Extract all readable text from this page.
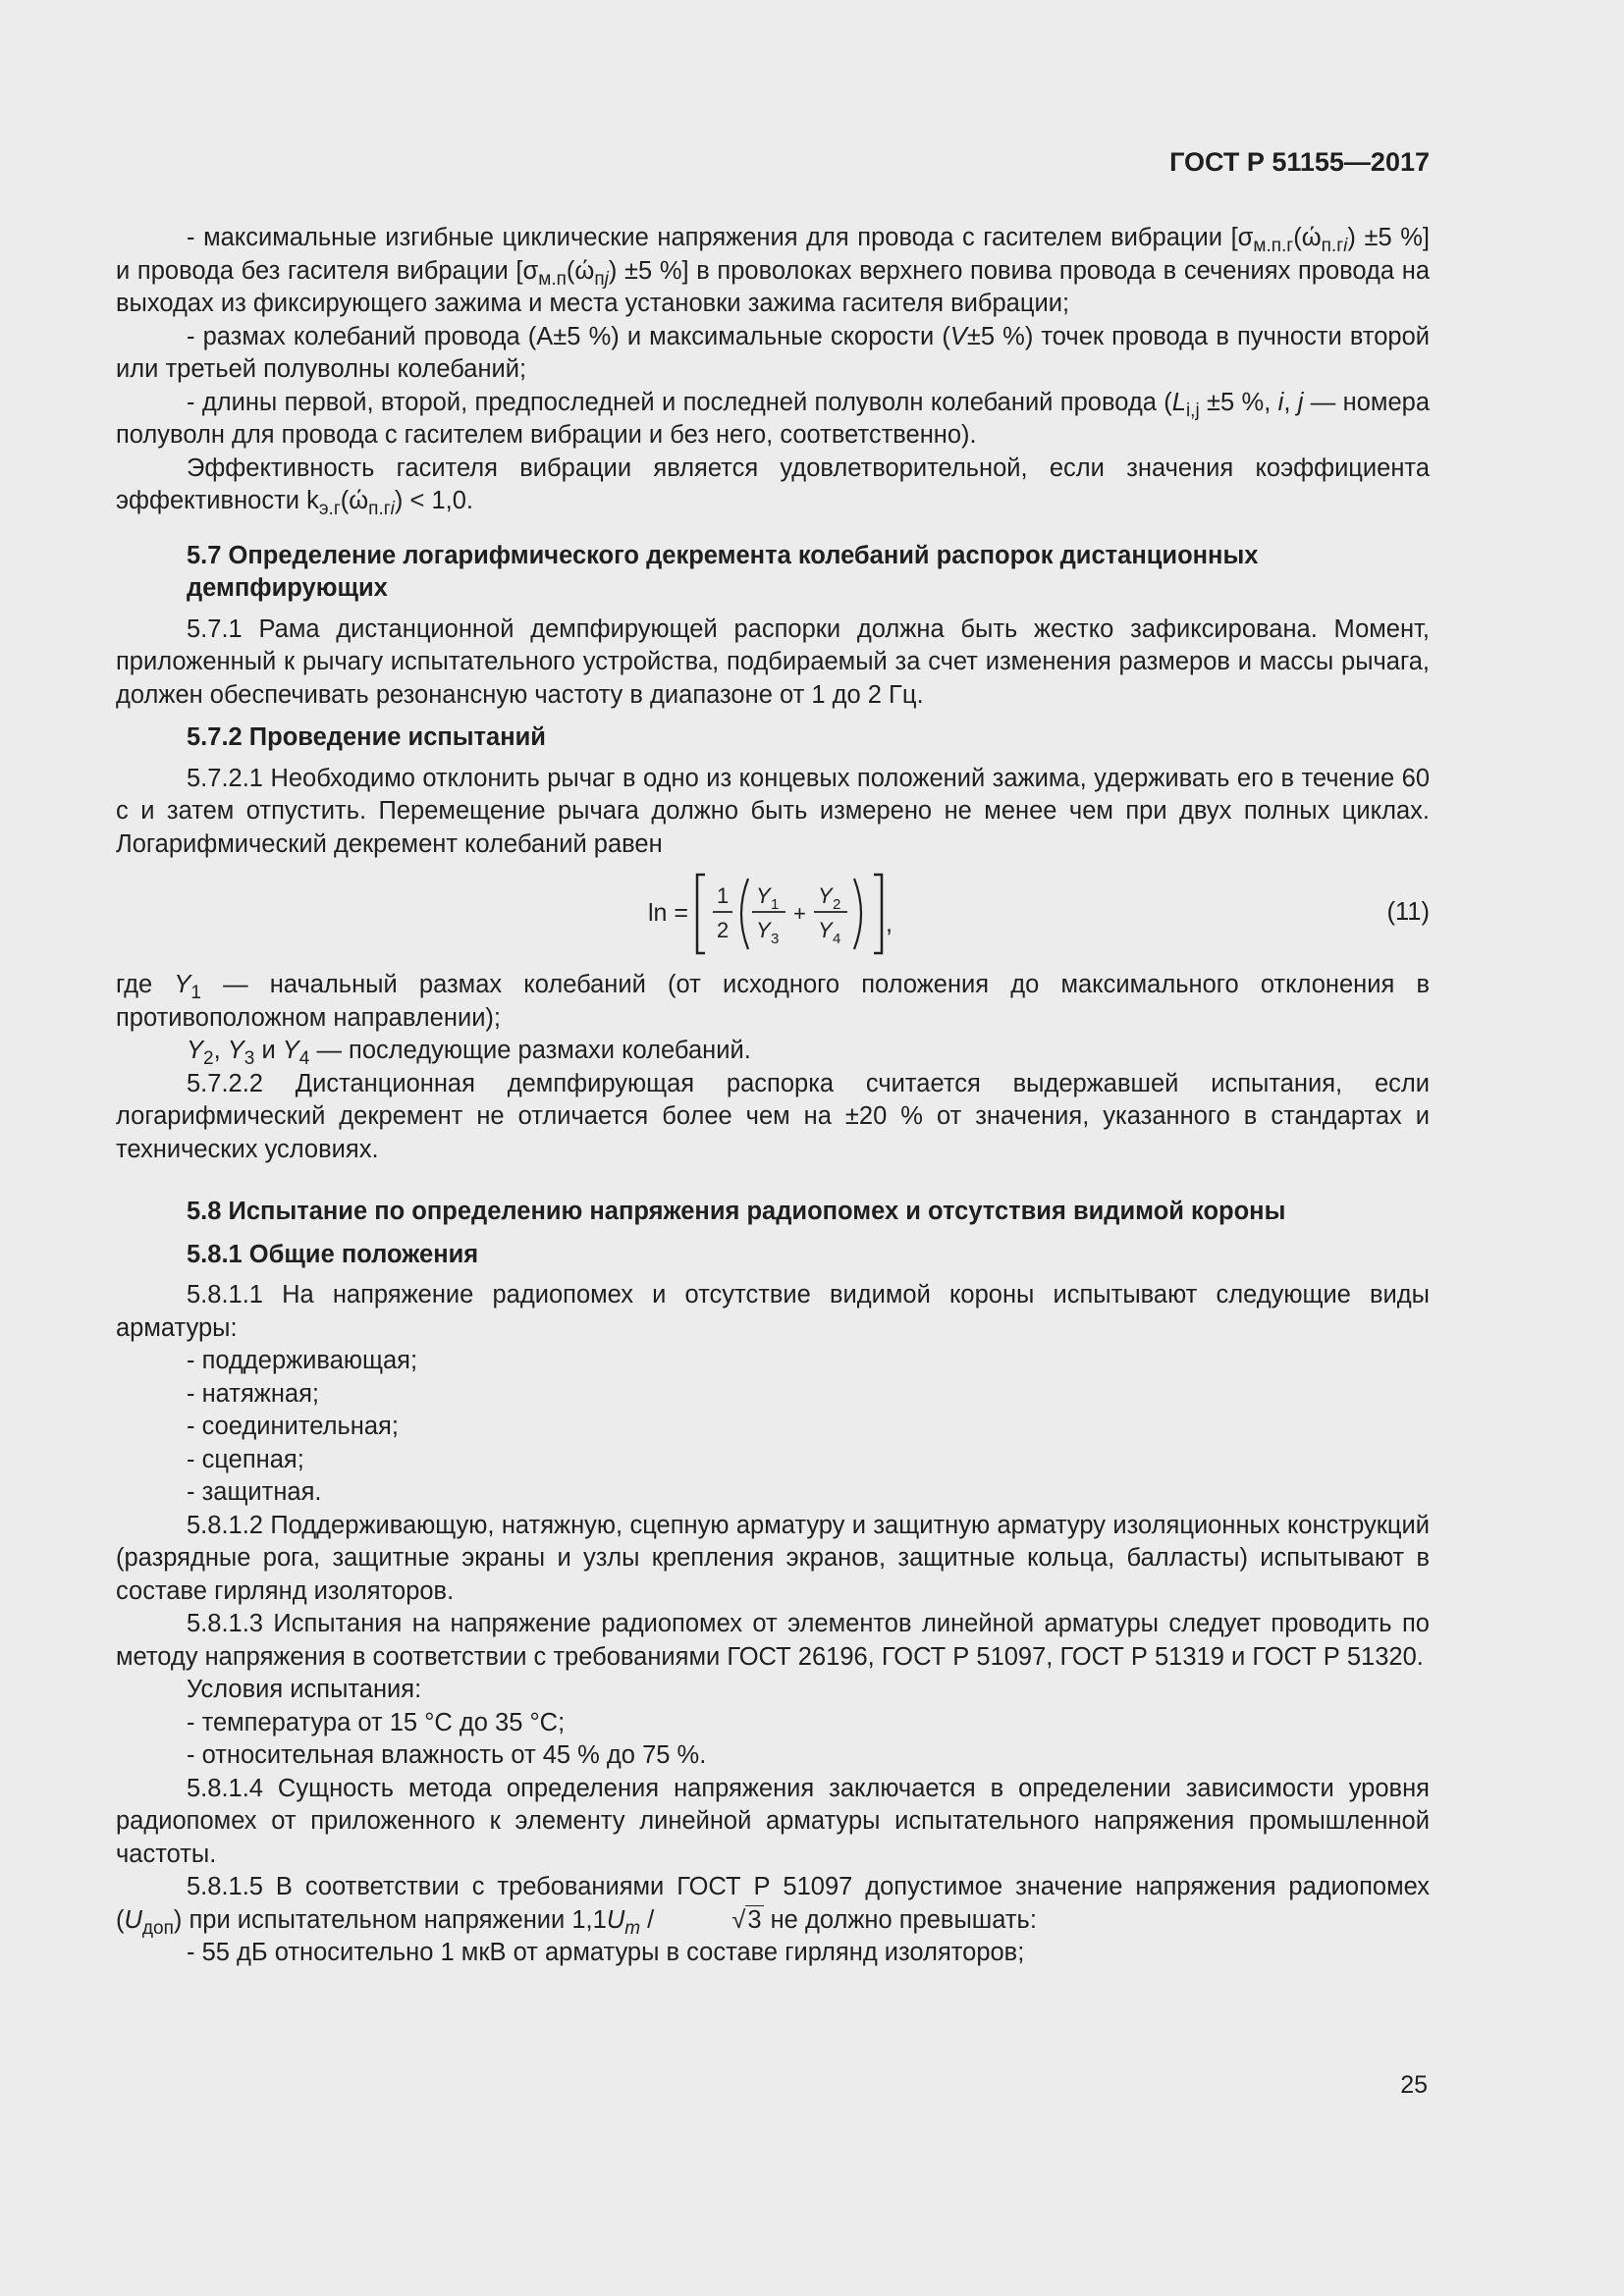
ГОСТ Р 51155—2017
- максимальные изгибные циклические напряжения для провода с гасителем вибрации [$\sigma_{м.п.г}(ώ_{п.гi}) \pm 5$ %] и провода без гасителя вибрации [$\sigma_{м.п}(ώ_{пj}) \pm 5$ %] в проволоках верхнего повива провода в сечениях провода на выходах из фиксирующего зажима и места установки зажима гасителя вибрации;
- размах колебаний провода (А±5 %) и максимальные скорости (V±5 %) точек провода в пучности второй или третьей полуволны колебаний;
- длины первой, второй, предпоследней и последней полуволн колебаний провода ($L_{i,j} \pm 5$ %, i, j — номера полуволн для провода с гасителем вибрации и без него, соответственно).
Эффективность гасителя вибрации является удовлетворительной, если значения коэффициента эффективности $k_{э.г}(ώ_{п.гi}) < 1,0$.
5.7 Определение логарифмического декремента колебаний распорок дистанционных демпфирующих
5.7.1 Рама дистанционной демпфирующей распорки должна быть жестко зафиксирована. Момент, приложенный к рычагу испытательного устройства, подбираемый за счет изменения размеров и массы рычага, должен обеспечивать резонансную частоту в диапазоне от 1 до 2 Гц.
5.7.2 Проведение испытаний
5.7.2.1 Необходимо отклонить рычаг в одно из концевых положений зажима, удерживать его в течение 60 с и затем отпустить. Перемещение рычага должно быть измерено не менее чем при двух полных циклах. Логарифмический декремент колебаний равен
ln =
1
2
Y 1
Y 3
+
Y 2
Y 4
,	(11)
где $Y_1$ — начальный размах колебаний (от исходного положения до максимального отклонения в противоположном направлении);
$Y_2$, $Y_3$ и $Y_4$ — последующие размахи колебаний.
5.7.2.2 Дистанционная демпфирующая распорка считается выдержавшей испытания, если логарифмический декремент не отличается более чем на ±20 % от значения, указанного в стандартах и технических условиях.
5.8 Испытание по определению напряжения радиопомех и отсутствия видимой короны
5.8.1 Общие положения
5.8.1.1 На напряжение радиопомех и отсутствие видимой короны испытывают следующие виды арматуры:
- поддерживающая;
- натяжная;
- соединительная;
- сцепная;
- защитная.
5.8.1.2 Поддерживающую, натяжную, сцепную арматуру и защитную арматуру изоляционных конструкций (разрядные рога, защитные экраны и узлы крепления экранов, защитные кольца, балласты) испытывают в составе гирлянд изоляторов.
5.8.1.3 Испытания на напряжение радиопомех от элементов линейной арматуры следует проводить по методу напряжения в соответствии с требованиями ГОСТ 26196, ГОСТ Р 51097, ГОСТ Р 51319 и ГОСТ Р 51320.
Условия испытания:
- температура от 15 °С до 35 °С;
- относительная влажность от 45 % до 75 %.
5.8.1.4 Сущность метода определения напряжения заключается в определении зависимости уровня радиопомех от приложенного к элементу линейной арматуры испытательного напряжения промышленной частоты.
5.8.1.5 В соответствии с требованиями ГОСТ Р 51097 допустимое значение напряжения радиопомех $(U_{доп})$ при испытательном напряжении $1,1U_m$ /	√3 не должно превышать:
- 55 дБ относительно 1 мкВ от арматуры в составе гирлянд изоляторов;
25
